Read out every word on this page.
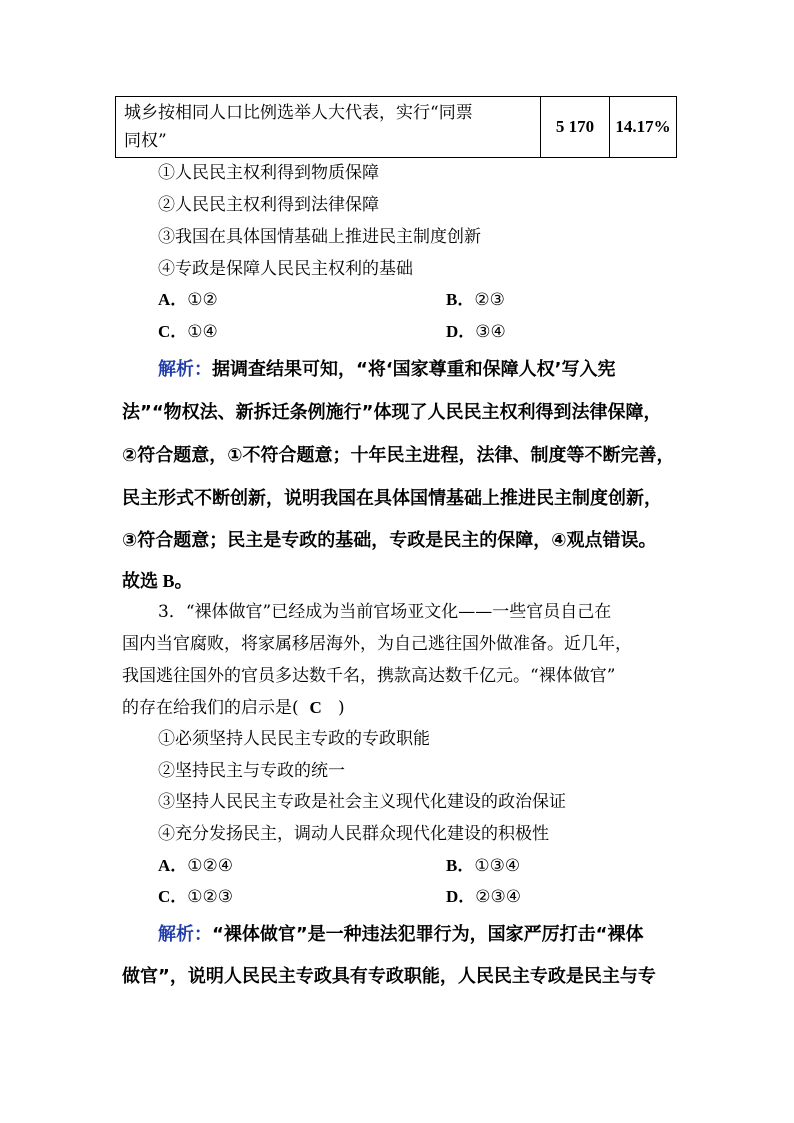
城乡按相同人口比例选举人大代表，实行“同票
同权”	5 170	14.17%
①人民民主权利得到物质保障
②人民民主权利得到法律保障
③我国在具体国情基础上推进民主制度创新
④专政是保障人民民主权利的基础
A．①②	B．②③
C．①④	D．③④
解析：据调查结果可知，“将‘国家尊重和保障人权’写入宪
法”“物权法、新拆迁条例施行”体现了人民民主权利得到法律保障，
②符合题意，①不符合题意；十年民主进程，法律、制度等不断完善，
民主形式不断创新，说明我国在具体国情基础上推进民主制度创新，
③符合题意；民主是专政的基础，专政是民主的保障，④观点错误。
故选 B。
3．“裸体做官”已经成为当前官场亚文化——一些官员自己在
国内当官腐败，将家属移居海外，为自己逃往国外做准备。近几年，
我国逃往国外的官员多达数千名，携款高达数千亿元。“裸体做官”
的存在给我们的启示是( C )
①必须坚持人民民主专政的专政职能
②坚持民主与专政的统一
③坚持人民民主专政是社会主义现代化建设的政治保证
④充分发扬民主，调动人民群众现代化建设的积极性
A．①②④	B．①③④
C．①②③	D．②③④
解析：“裸体做官”是一种违法犯罪行为，国家严厉打击“裸体
做官”，说明人民民主专政具有专政职能，人民民主专政是民主与专
